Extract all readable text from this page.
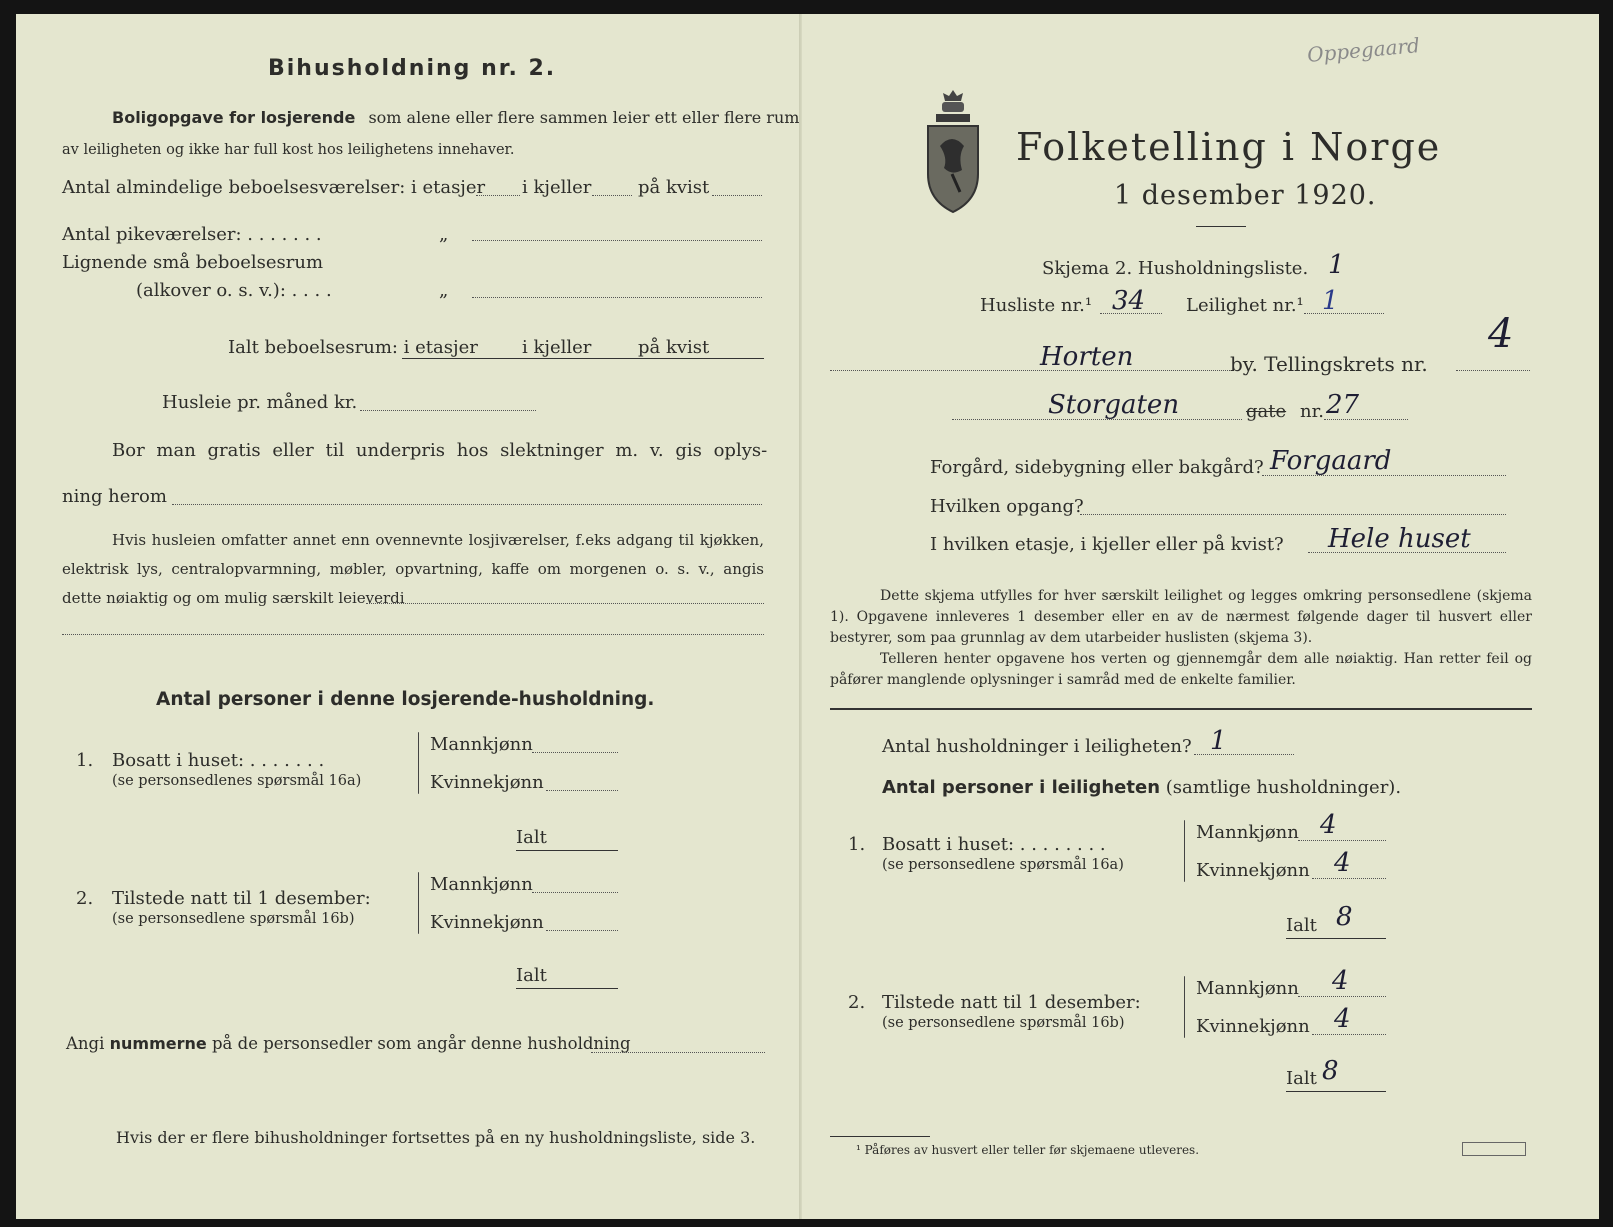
Bihusholdning nr. 2.
Boligopgave for losjerende som alene eller flere sammen leier ett eller flere rum
av leiligheten og ikke har full kost hos leilighetens innehaver.
Antal almindelige beboelsesværelser: i etasjer i kjeller	på kvist
Antal pikeværelser: . . . . . . .	„
Lignende små beboelsesrum
(alkover o. s. v.): . . . .	„
Ialt beboelsesrum: i etasjer i kjeller	på kvist
Husleie pr. måned kr.
Bor man gratis eller til underpris hos slektninger m. v. gis oplys-
ning herom
Hvis husleien omfatter annet enn ovennevnte losjiværelser, f.eks adgang til kjøkken, elektrisk lys, centralopvarmning, møbler, opvartning, kaffe om morgenen o. s. v., angis dette nøiaktig og om mulig særskilt leieverdi
Antal personer i denne losjerende-husholdning.
1. Bosatt i huset: . . . . . . .
(se personsedlenes spørsmål 16a)
Mannkjønn
Kvinnekjønn
Ialt
2. Tilstede natt til 1 desember:
(se personsedlene spørsmål 16b)
Mannkjønn
Kvinnekjønn
Ialt
Angi nummerne på de personsedler som angår denne husholdning
Hvis der er flere bihusholdninger fortsettes på en ny husholdningsliste, side 3.
Oppegaard
Folketelling i Norge
1 desember 1920.
Skjema 2. Husholdningsliste. 1
Husliste nr.¹ 34 Leilighet nr.¹ 1
Horten	by. Tellingskrets nr.
4
Storgaten	gate nr. 27
Forgård, sidebygning eller bakgård? Forgaard
Hvilken opgang?
I hvilken etasje, i kjeller eller på kvist? Hele huset
Dette skjema utfylles for hver særskilt leilighet og legges omkring personsedlene (skjema 1). Opgavene innleveres 1 desember eller en av de nærmest følgende dager til husvert eller bestyrer, som paa grunnlag av dem utarbeider huslisten (skjema 3).
Telleren henter opgavene hos verten og gjennemgår dem alle nøiaktig. Han retter feil og påfører manglende oplysninger i samråd med de enkelte familier.
Antal husholdninger i leiligheten? 1
Antal personer i leiligheten (samtlige husholdninger).
1. Bosatt i huset: . . . . . . . .
(se personsedlene spørsmål 16a)
Mannkjønn 4
Kvinnekjønn 4
Ialt 8
2. Tilstede natt til 1 desember:
(se personsedlene spørsmål 16b)
Mannkjønn 4
Kvinnekjønn 4
Ialt 8
¹ Påføres av husvert eller teller før skjemaene utleveres.
